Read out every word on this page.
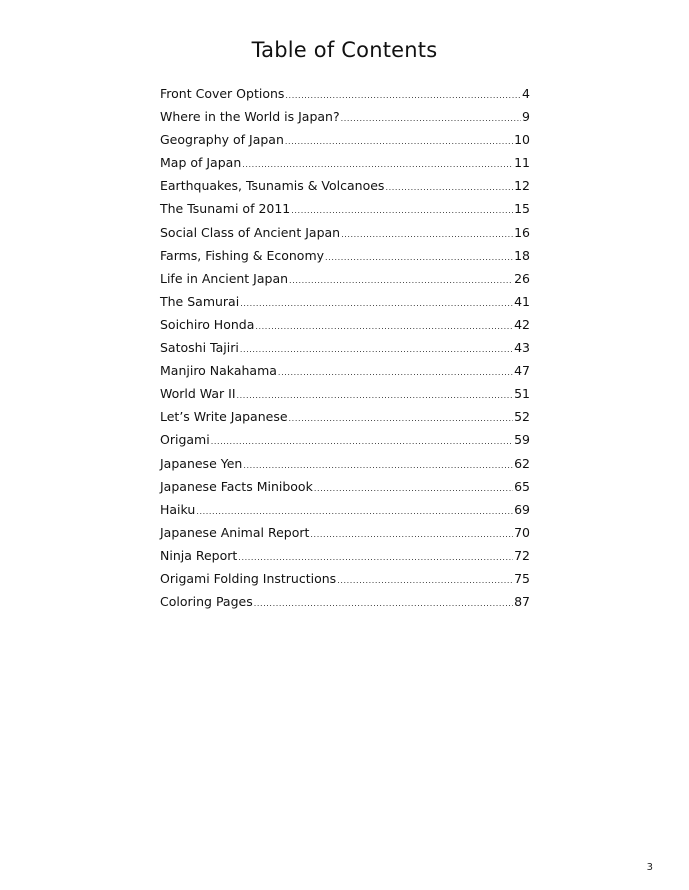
Table of Contents
Front Cover Options .....	4
Where in the World is Japan? .....	9
Geography of Japan .....	10
Map of Japan .....	11
Earthquakes, Tsunamis & Volcanoes .....	12
The Tsunami of 2011 .....	15
Social Class of Ancient Japan .....	16
Farms, Fishing & Economy .....	18
Life in Ancient Japan .....	26
The Samurai .....	41
Soichiro Honda .....	42
Satoshi Tajiri .....	43
Manjiro Nakahama .....	47
World War II .....	51
Let’s Write Japanese .....	52
Origami .....	59
Japanese Yen .....	62
Japanese Facts Minibook .....	65
Haiku .....	69
Japanese Animal Report .....	70
Ninja Report .....	72
Origami Folding Instructions .....	75
Coloring Pages .....	87
3
